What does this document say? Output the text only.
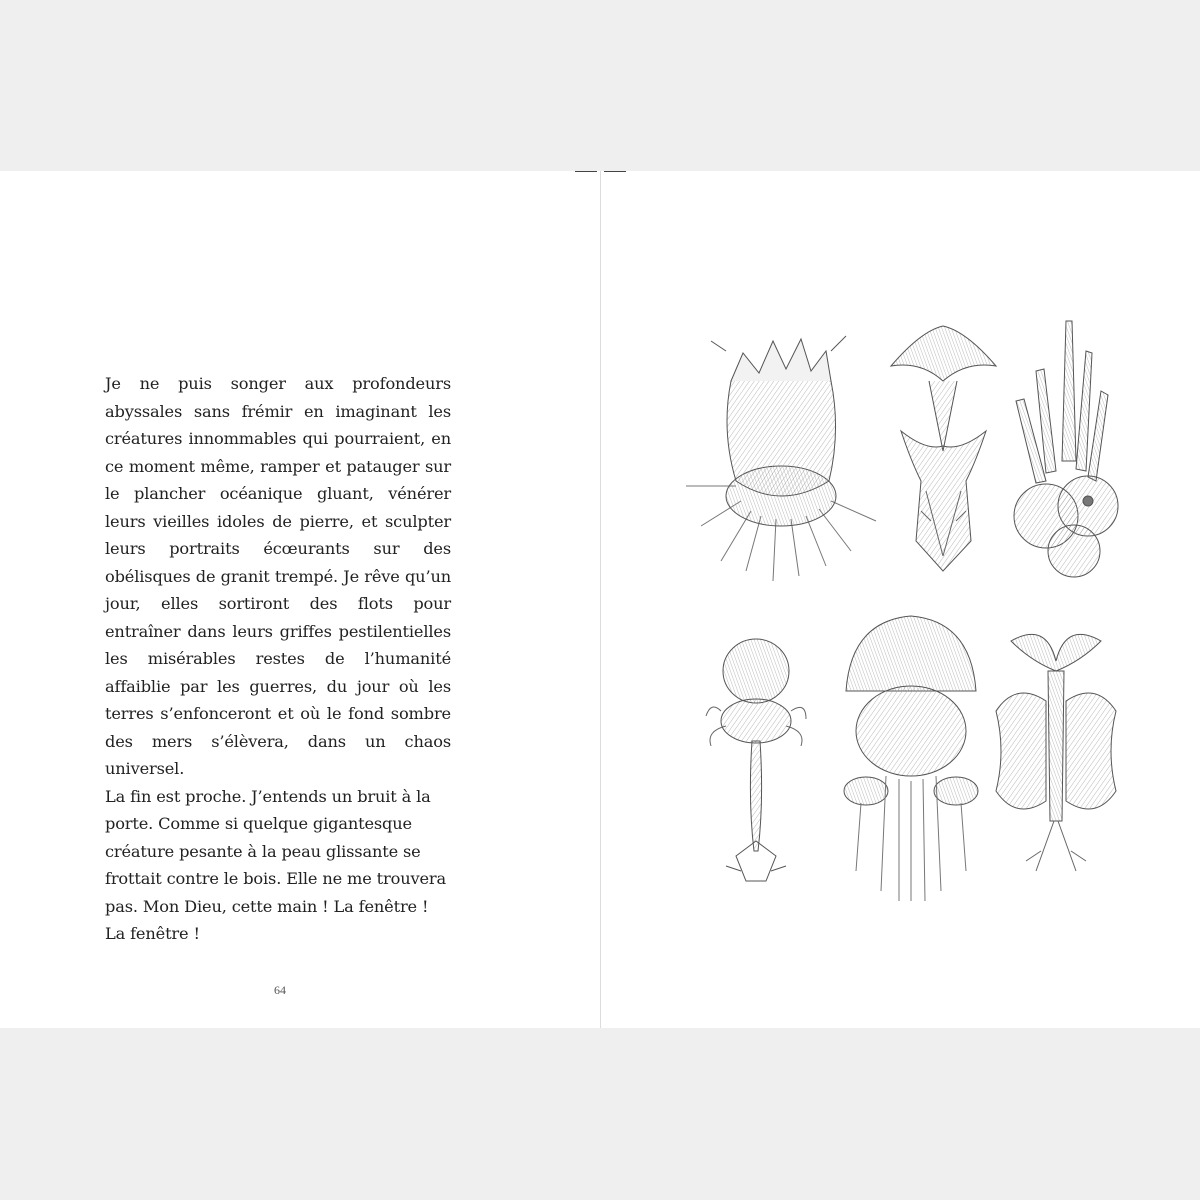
Je ne puis songer aux profondeurs abyssales sans frémir en imaginant les créatures innommables qui pourraient, en ce moment même, ramper et patauger sur le plancher océanique gluant, vénérer leurs vieilles idoles de pierre, et sculpter leurs portraits écœurants sur des obélisques de granit trempé. Je rêve qu’un jour, elles sortiront des flots pour entraîner dans leurs griffes pestilentielles les misérables restes de l’humanité affaiblie par les guerres, du jour où les terres s’enfonceront et où le fond sombre des mers s’élèvera, dans un chaos universel.

La fin est proche. J’entends un bruit à la porte. Comme si quelque gigantesque créature pesante à la peau glissante se frottait contre le bois. Elle ne me trouvera pas. Mon Dieu, cette main ! La fenêtre ! La fenêtre !

64
